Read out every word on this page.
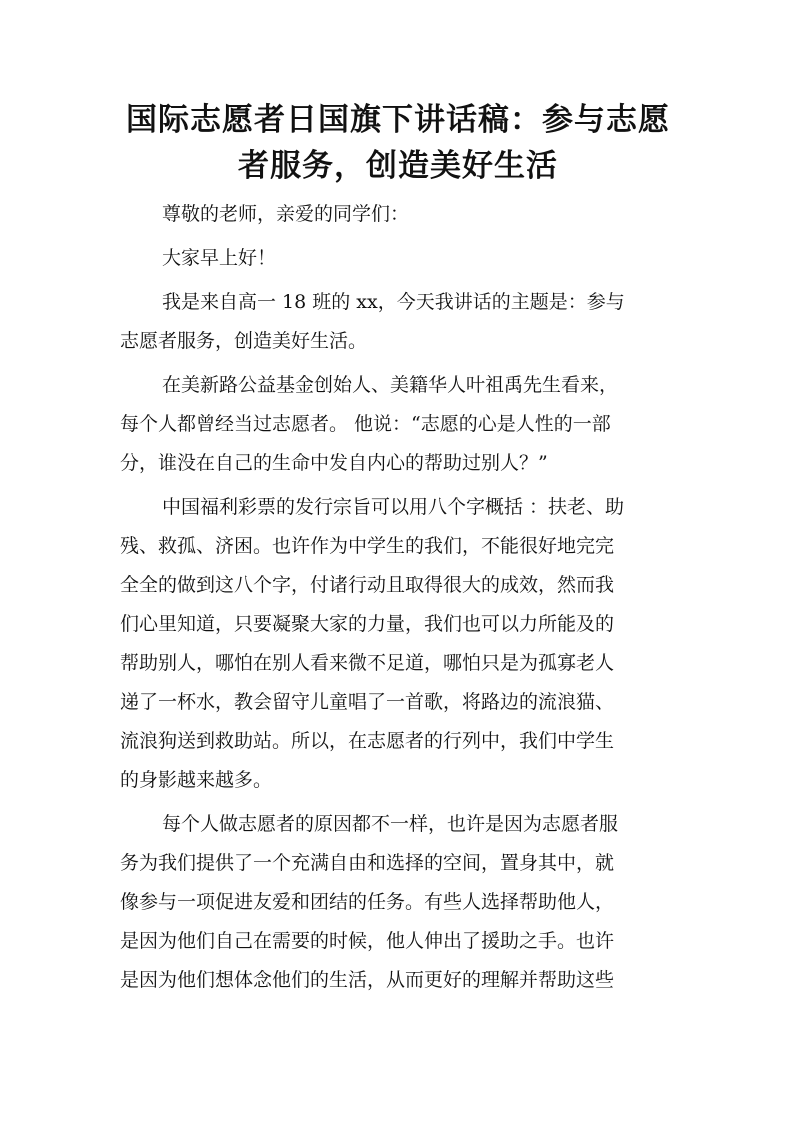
国际志愿者日国旗下讲话稿：参与志愿
者服务，创造美好生活

尊敬的老师，亲爱的同学们：

大家早上好！

我是来自高一 18 班的 xx，今天我讲话的主题是：参与
志愿者服务，创造美好生活。

在美新路公益基金创始人、美籍华人叶祖禹先生看来，
每个人都曾经当过志愿者。 他说：“志愿的心是人性的一部
分，谁没在自己的生命中发自内心的帮助过别人？”

中国福利彩票的发行宗旨可以用八个字概括 ：扶老、助
残、救孤、济困。也许作为中学生的我们，不能很好地完完
全全的做到这八个字，付诸行动且取得很大的成效，然而我
们心里知道，只要凝聚大家的力量，我们也可以力所能及的
帮助别人，哪怕在别人看来微不足道，哪怕只是为孤寡老人
递了一杯水，教会留守儿童唱了一首歌，将路边的流浪猫、
流浪狗送到救助站。所以，在志愿者的行列中，我们中学生
的身影越来越多。

每个人做志愿者的原因都不一样，也许是因为志愿者服
务为我们提供了一个充满自由和选择的空间，置身其中，就
像参与一项促进友爱和团结的任务。有些人选择帮助他人，
是因为他们自己在需要的时候，他人伸出了援助之手。也许
是因为他们想体念他们的生活，从而更好的理解并帮助这些
